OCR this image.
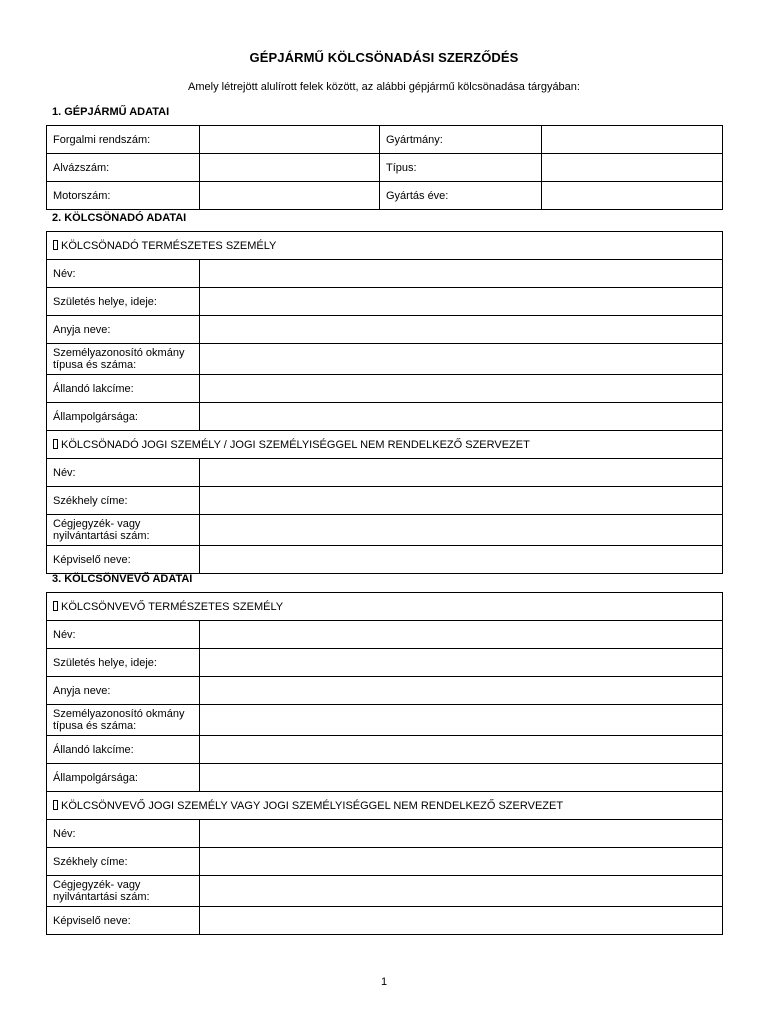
GÉPJÁRMŰ KÖLCSÖNADÁSI SZERZŐDÉS
Amely létrejött alulírott felek között, az alábbi gépjármű kölcsönadása tárgyában:
1. GÉPJÁRMŰ ADATAI
Forgalmi rendszám:		Gyártmány:	
Alvázszám:		Típus:	
Motorszám:		Gyártás éve:	
2. KÖLCSÖNADÓ ADATAI
KÖLCSÖNADÓ TERMÉSZETES SZEMÉLY	
Név:	
Születés helye, ideje:	
Anyja neve:	
Személyazonosító okmány típusa és száma:	
Állandó lakcíme:	
Állampolgársága:	
KÖLCSÖNADÓ JOGI SZEMÉLY / JOGI SZEMÉLYISÉGGEL NEM RENDELKEZŐ SZERVEZET	
Név:	
Székhely címe:	
Cégjegyzék- vagy nyilvántartási szám:	
Képviselő neve:	
3. KÖLCSÖNVEVŐ ADATAI
KÖLCSÖNVEVŐ TERMÉSZETES SZEMÉLY	
Név:	
Születés helye, ideje:	
Anyja neve:	
Személyazonosító okmány típusa és száma:	
Állandó lakcíme:	
Állampolgársága:	
KÖLCSÖNVEVŐ JOGI SZEMÉLY VAGY JOGI SZEMÉLYISÉGGEL NEM RENDELKEZŐ SZERVEZET	
Név:	
Székhely címe:	
Cégjegyzék- vagy nyilvántartási szám:	
Képviselő neve:	
1
